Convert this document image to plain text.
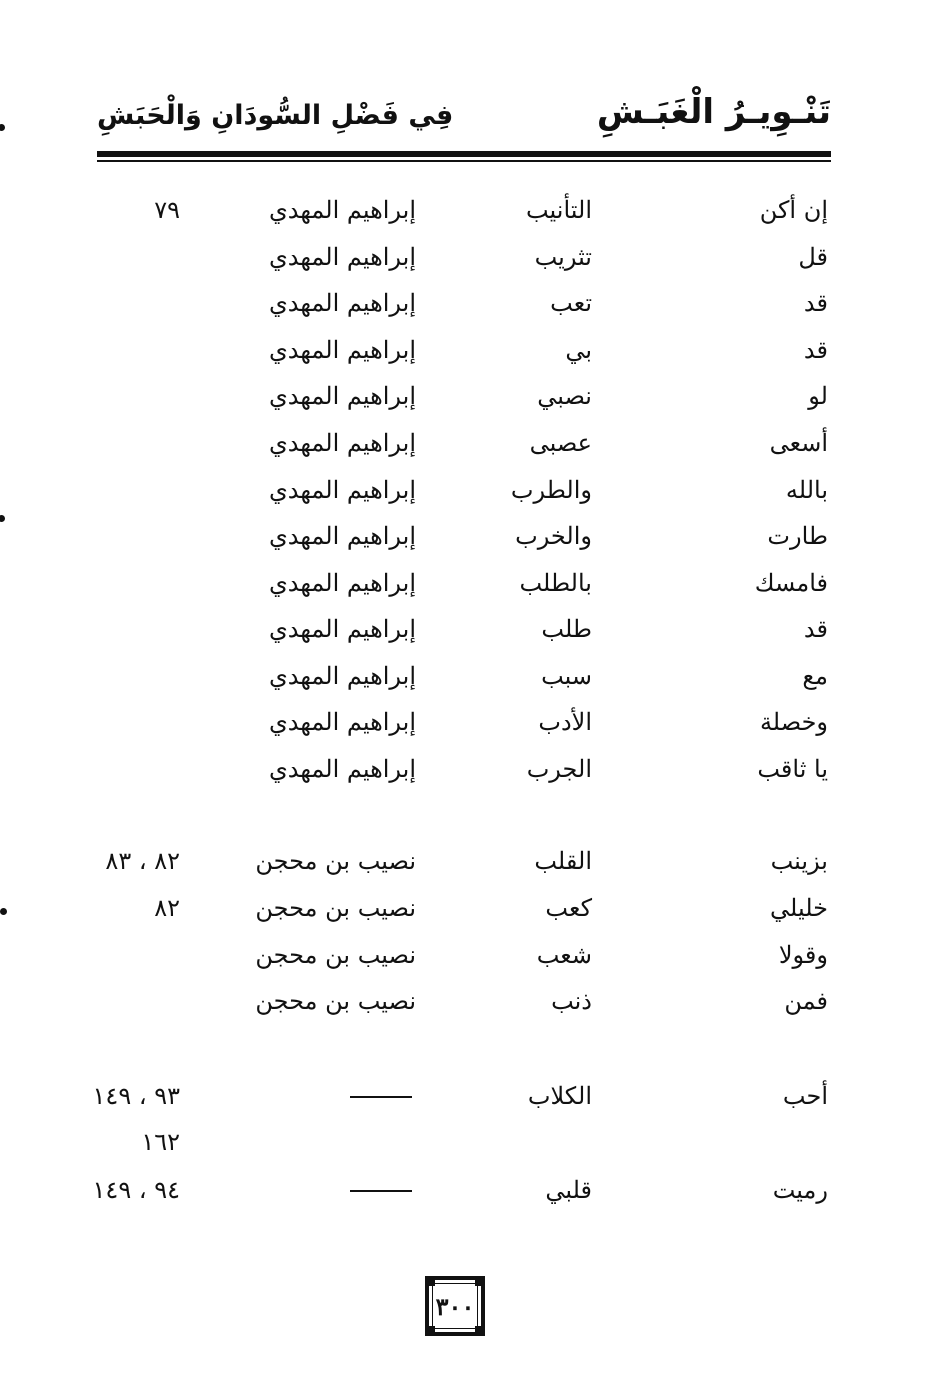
تَنْـوِيـرُ الْغَبَـشِ
فِي فَضْلِ السُّودَانِ وَالْحَبَشِ
إن أكن
التأنيب
إبراهيم المهدي
٧٩
قل
تثريب
إبراهيم المهدي
قد
تعب
إبراهيم المهدي
قد
بي
إبراهيم المهدي
لو
نصبي
إبراهيم المهدي
أسعى
عصبى
إبراهيم المهدي
بالله
والطرب
إبراهيم المهدي
طارت
والخرب
إبراهيم المهدي
فامسك
بالطلب
إبراهيم المهدي
قد
طلب
إبراهيم المهدي
مع
سبب
إبراهيم المهدي
وخصلة
الأدب
إبراهيم المهدي
يا ثاقب
الجرب
إبراهيم المهدي
بزينب
القلب
نصيب بن محجن
٨٢ ، ٨٣
خليلي
كعب
نصيب بن محجن
٨٢
وقولا
شعب
نصيب بن محجن
فمن
ذنب
نصيب بن محجن
أحب
الكلاب
٩٣ ، ١٤٩
١٦٢
رميت
قلبي
٩٤ ، ١٤٩
٣٠٠
